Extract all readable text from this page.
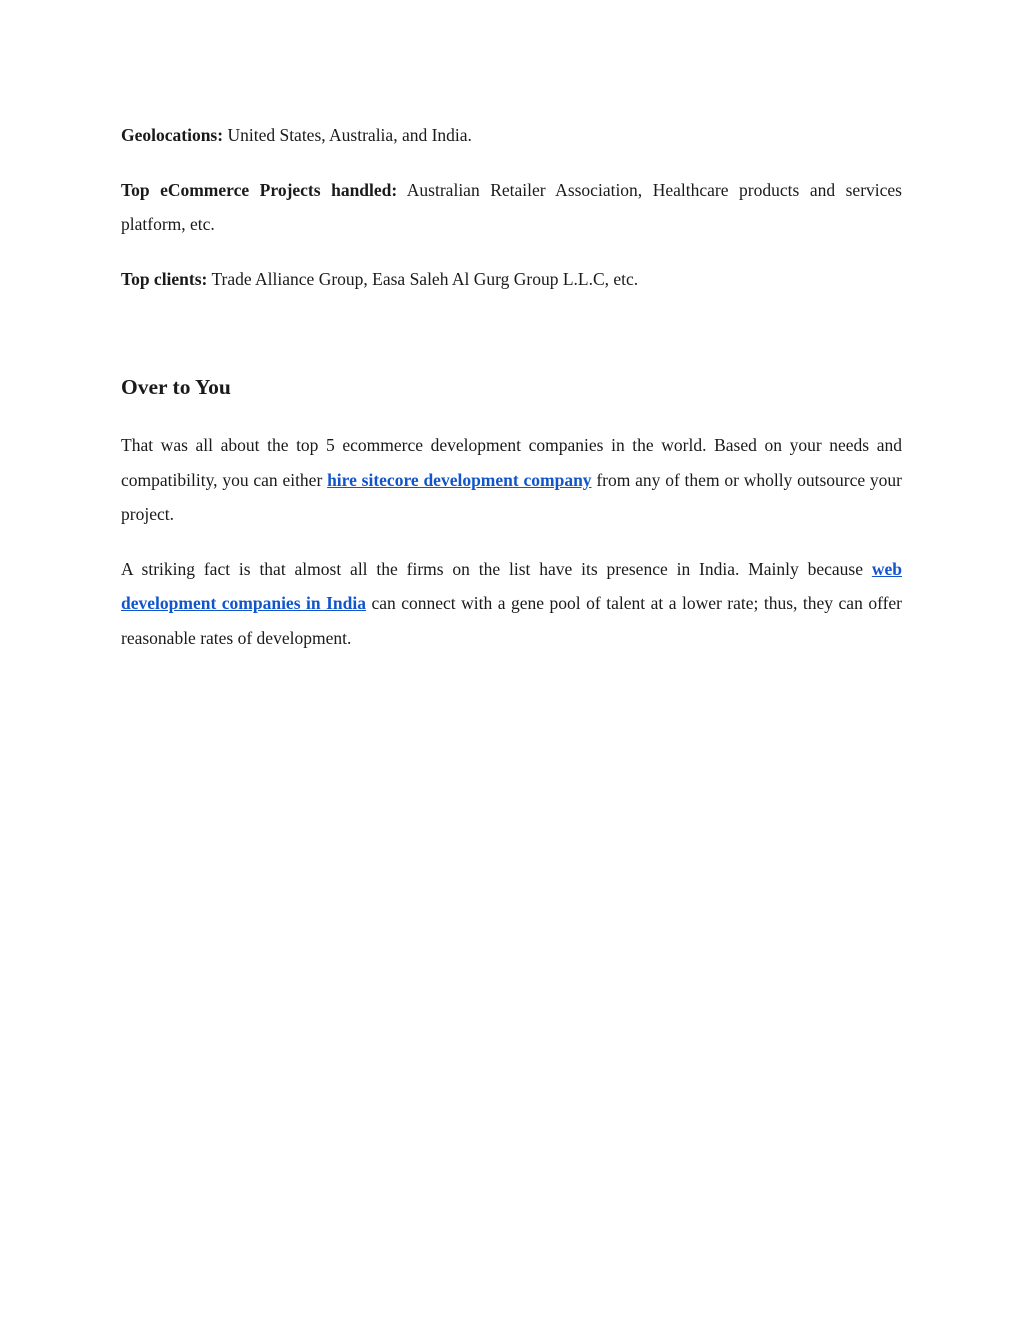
Geolocations: United States, Australia, and India.

Top eCommerce Projects handled: Australian Retailer Association, Healthcare products and services platform, etc.

Top clients: Trade Alliance Group, Easa Saleh Al Gurg Group L.L.C, etc.

Over to You

That was all about the top 5 ecommerce development companies in the world. Based on your needs and compatibility, you can either hire sitecore development company from any of them or wholly outsource your project.

A striking fact is that almost all the firms on the list have its presence in India. Mainly because web development companies in India can connect with a gene pool of talent at a lower rate; thus, they can offer reasonable rates of development.
